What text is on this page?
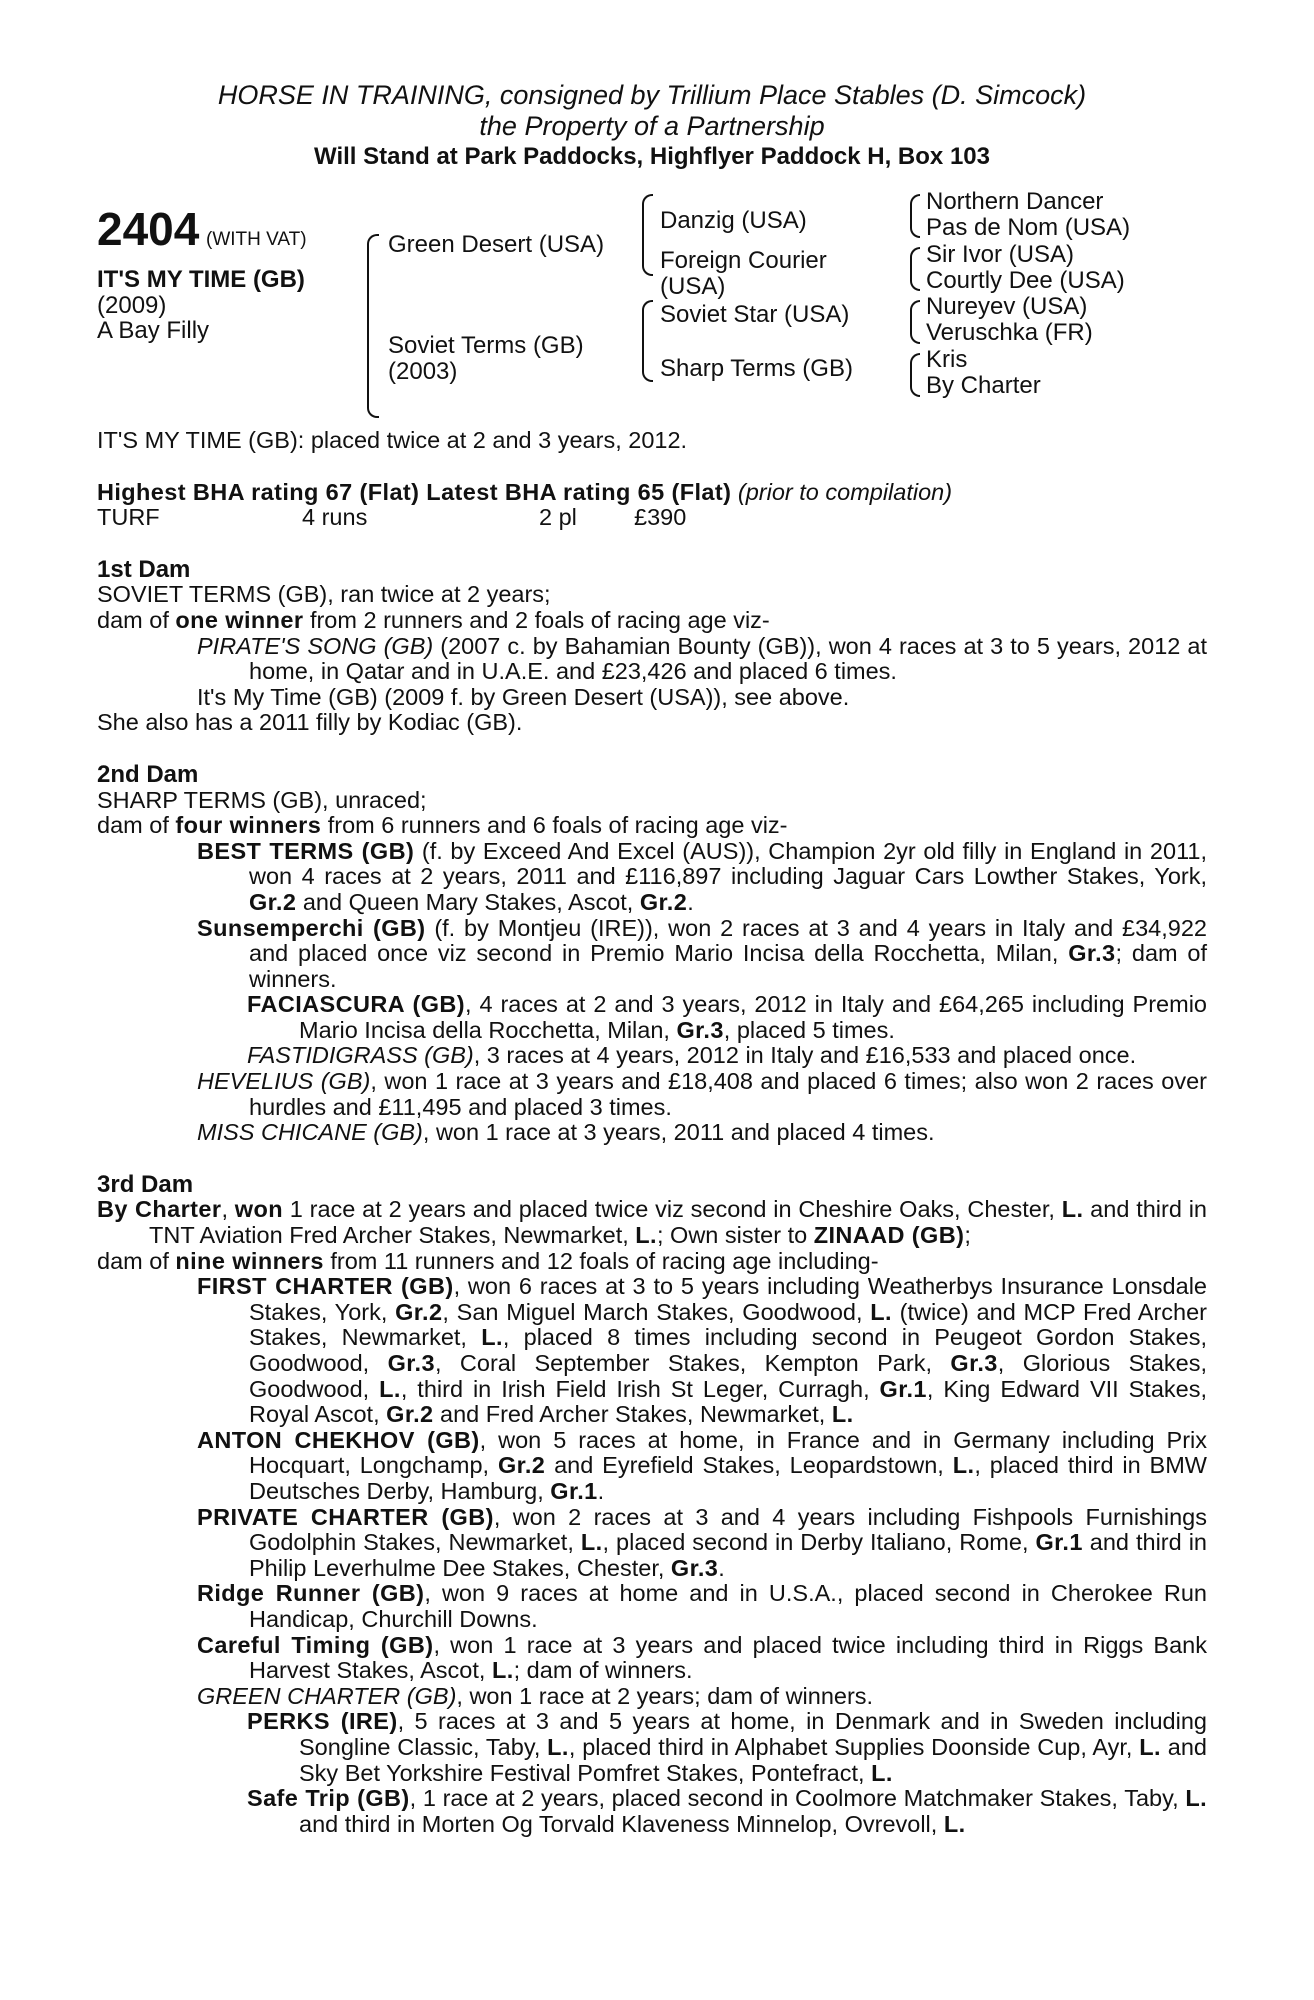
HORSE IN TRAINING, consigned by Trillium Place Stables (D. Simcock)
the Property of a Partnership
Will Stand at Park Paddocks, Highflyer Paddock H, Box 103
2404 (WITH VAT)
IT'S MY TIME (GB)
(2009)
A Bay Filly
Green Desert (USA)
Soviet Terms (GB)
(2003)
Danzig (USA)
Foreign Courier
(USA)
Soviet Star (USA)
Sharp Terms (GB)
Northern Dancer
Pas de Nom (USA)
Sir Ivor (USA)
Courtly Dee (USA)
Nureyev (USA)
Veruschka (FR)
Kris
By Charter
IT'S MY TIME (GB): placed twice at 2 and 3 years, 2012.
Highest BHA rating 67 (Flat) Latest BHA rating 65 (Flat) (prior to compilation)
TURF	4 runs	2 pl	£390
1st Dam
SOVIET TERMS (GB), ran twice at 2 years;
dam of one winner from 2 runners and 2 foals of racing age viz-
PIRATE'S SONG (GB) (2007 c. by Bahamian Bounty (GB)), won 4 races at 3 to 5 years, 2012 at home, in Qatar and in U.A.E. and £23,426 and placed 6 times.
It's My Time (GB) (2009 f. by Green Desert (USA)), see above.
She also has a 2011 filly by Kodiac (GB).
2nd Dam
SHARP TERMS (GB), unraced;
dam of four winners from 6 runners and 6 foals of racing age viz-
BEST TERMS (GB) (f. by Exceed And Excel (AUS)), Champion 2yr old filly in England in 2011, won 4 races at 2 years, 2011 and £116,897 including Jaguar Cars Lowther Stakes, York, Gr.2 and Queen Mary Stakes, Ascot, Gr.2.
Sunsemperchi (GB) (f. by Montjeu (IRE)), won 2 races at 3 and 4 years in Italy and £34,922 and placed once viz second in Premio Mario Incisa della Rocchetta, Milan, Gr.3; dam of winners.
FACIASCURA (GB), 4 races at 2 and 3 years, 2012 in Italy and £64,265 including Premio Mario Incisa della Rocchetta, Milan, Gr.3, placed 5 times.
FASTIDIGRASS (GB), 3 races at 4 years, 2012 in Italy and £16,533 and placed once.
HEVELIUS (GB), won 1 race at 3 years and £18,408 and placed 6 times; also won 2 races over hurdles and £11,495 and placed 3 times.
MISS CHICANE (GB), won 1 race at 3 years, 2011 and placed 4 times.
3rd Dam
By Charter, won 1 race at 2 years and placed twice viz second in Cheshire Oaks, Chester, L. and third in TNT Aviation Fred Archer Stakes, Newmarket, L.; Own sister to ZINAAD (GB);
dam of nine winners from 11 runners and 12 foals of racing age including-
FIRST CHARTER (GB), won 6 races at 3 to 5 years including Weatherbys Insurance Lonsdale Stakes, York, Gr.2, San Miguel March Stakes, Goodwood, L. (twice) and MCP Fred Archer Stakes, Newmarket, L., placed 8 times including second in Peugeot Gordon Stakes, Goodwood, Gr.3, Coral September Stakes, Kempton Park, Gr.3, Glorious Stakes, Goodwood, L., third in Irish Field Irish St Leger, Curragh, Gr.1, King Edward VII Stakes, Royal Ascot, Gr.2 and Fred Archer Stakes, Newmarket, L.
ANTON CHEKHOV (GB), won 5 races at home, in France and in Germany including Prix Hocquart, Longchamp, Gr.2 and Eyrefield Stakes, Leopardstown, L., placed third in BMW Deutsches Derby, Hamburg, Gr.1.
PRIVATE CHARTER (GB), won 2 races at 3 and 4 years including Fishpools Furnishings Godolphin Stakes, Newmarket, L., placed second in Derby Italiano, Rome, Gr.1 and third in Philip Leverhulme Dee Stakes, Chester, Gr.3.
Ridge Runner (GB), won 9 races at home and in U.S.A., placed second in Cherokee Run Handicap, Churchill Downs.
Careful Timing (GB), won 1 race at 3 years and placed twice including third in Riggs Bank Harvest Stakes, Ascot, L.; dam of winners.
GREEN CHARTER (GB), won 1 race at 2 years; dam of winners.
PERKS (IRE), 5 races at 3 and 5 years at home, in Denmark and in Sweden including Songline Classic, Taby, L., placed third in Alphabet Supplies Doonside Cup, Ayr, L. and Sky Bet Yorkshire Festival Pomfret Stakes, Pontefract, L.
Safe Trip (GB), 1 race at 2 years, placed second in Coolmore Matchmaker Stakes, Taby, L. and third in Morten Og Torvald Klaveness Minnelop, Ovrevoll, L.
